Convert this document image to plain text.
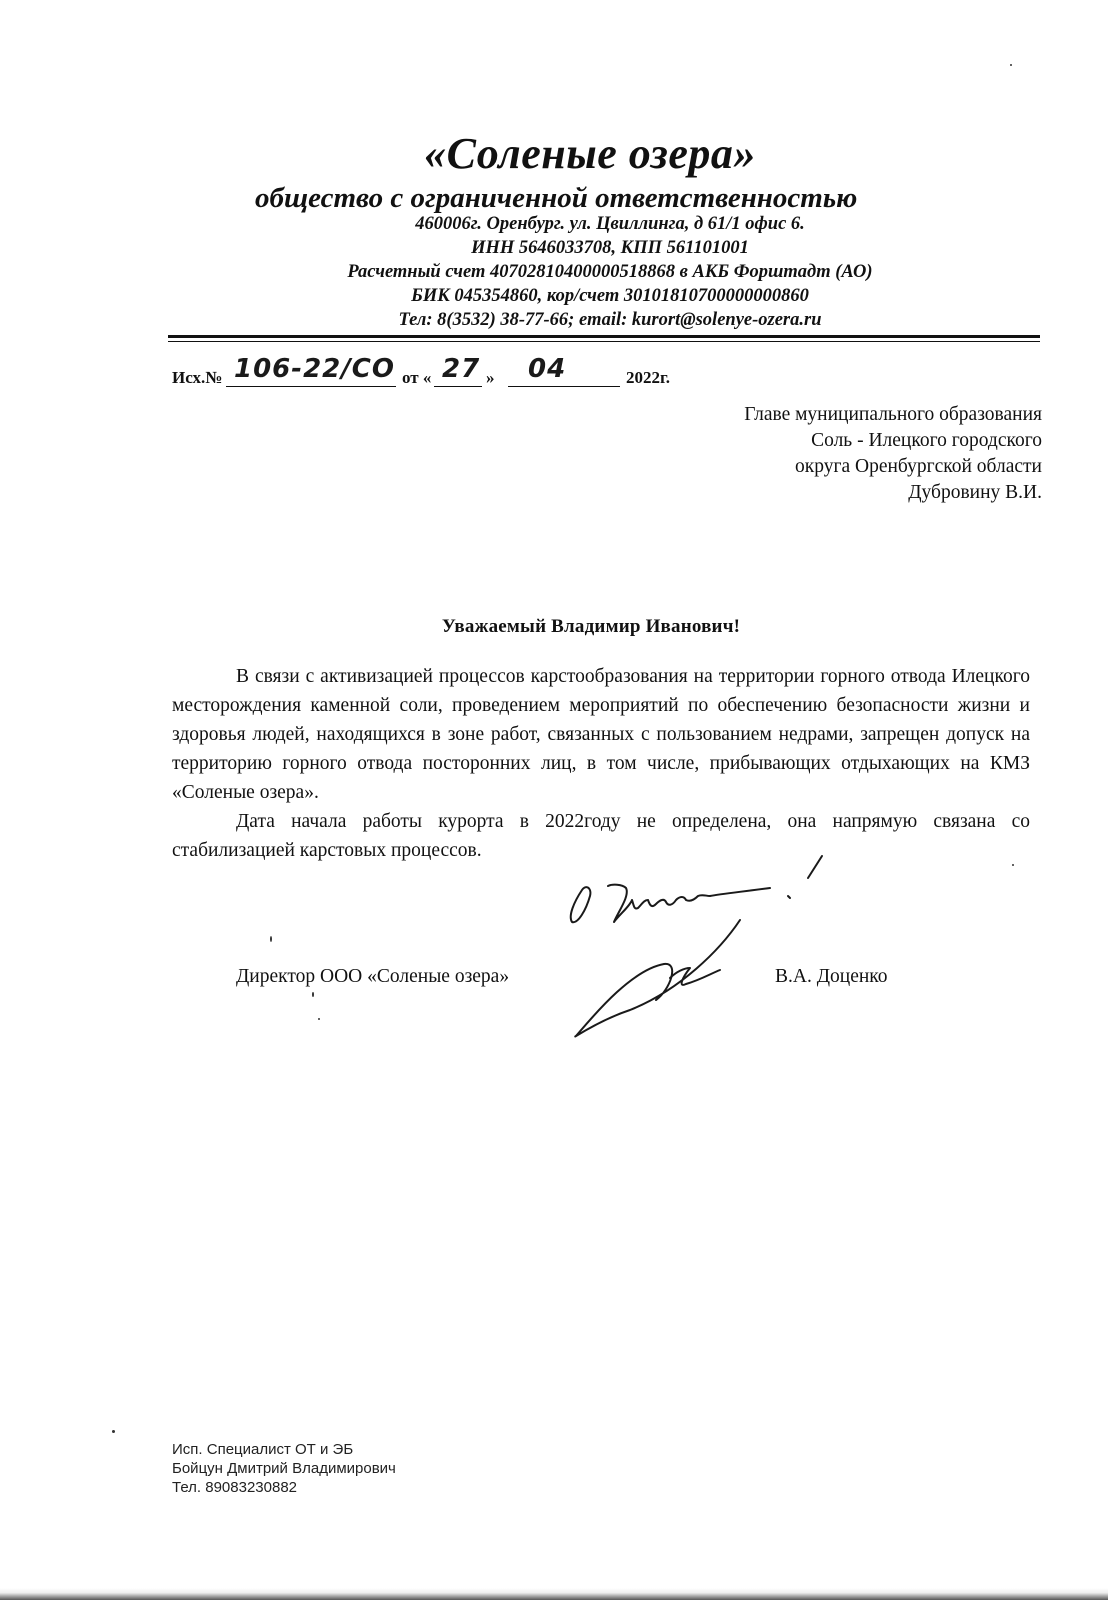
«Соленые озера»
общество с ограниченной ответственностью
460006г. Оренбург. ул. Цвиллинга, д 61/1 офис 6.
ИНН 5646033708, КПП 561101001
Расчетный счет 40702810400000518868 в АКБ Форштадт (АО)
БИК 045354860, кор/счет 30101810700000000860
Тел: 8(3532) 38-77-66; email: kurort@solenye-ozera.ru
Исх.№ 106-22/СО от « 27 » 04	2022г.
Главе муниципального образования
Соль - Илецкого городского
округа Оренбургской области
Дубровину В.И.
Уважаемый Владимир Иванович!

В связи с активизацией процессов карстообразования на территории горного отвода Илецкого месторождения каменной соли, проведением мероприятий по обеспечению безопасности жизни и здоровья людей, находящихся в зоне работ, связанных с пользованием недрами, запрещен допуск на территорию горного отвода посторонних лиц, в том числе, прибывающих отдыхающих на КМЗ «Соленые озера».

Дата начала работы курорта в 2022году не определена, она напрямую связана со стабилизацией карстовых процессов.

Директор ООО «Соленые озера»	В.А. Доценко
Исп. Специалист ОТ и ЭБ
Бойцун Дмитрий Владимирович
Тел. 89083230882
